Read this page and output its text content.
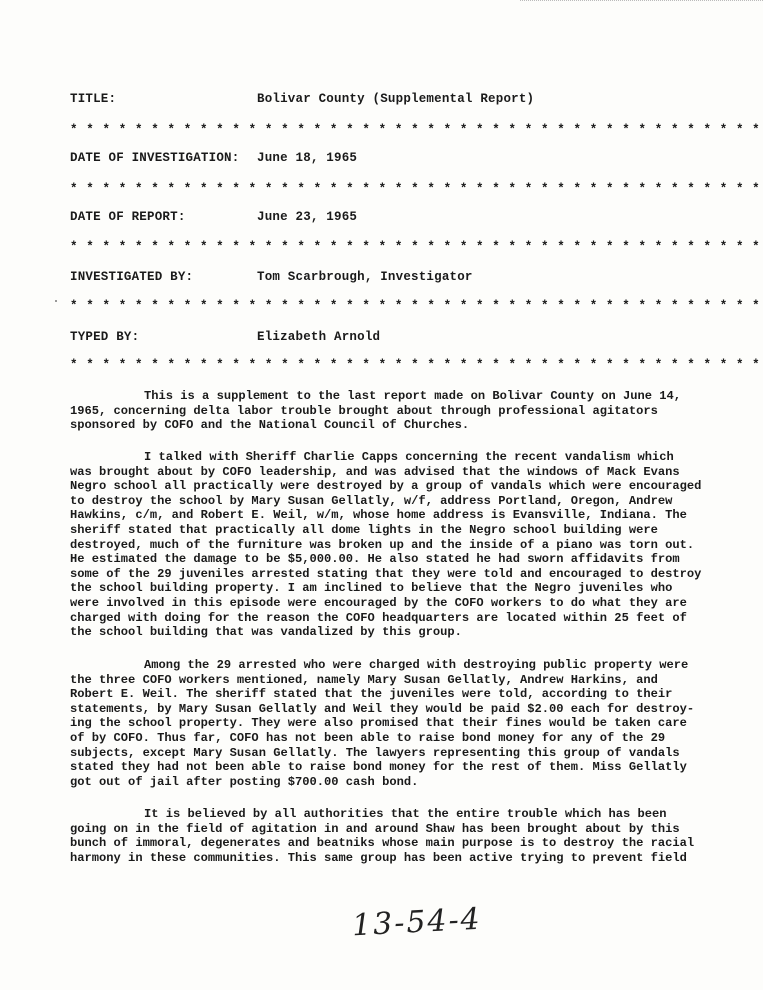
TITLE:	Bolivar County (Supplemental Report)
* * * * * * * * * * * * * * * * * * * * * * * * * * * * * * * * * * * * * * * * * * *
DATE OF INVESTIGATION: June 18, 1965
* * * * * * * * * * * * * * * * * * * * * * * * * * * * * * * * * * * * * * * * * * *
DATE OF REPORT:	June 23, 1965
* * * * * * * * * * * * * * * * * * * * * * * * * * * * * * * * * * * * * * * * * * *
INVESTIGATED BY:	Tom Scarbrough, Investigator
* * * * * * * * * * * * * * * * * * * * * * * * * * * * * * * * * * * * * * * * * * *
TYPED BY:	Elizabeth Arnold
* * * * * * * * * * * * * * * * * * * * * * * * * * * * * * * * * * * * * * * * * * *
This is a supplement to the last report made on Bolivar County on June 14,
1965, concerning delta labor trouble brought about through professional agitators
sponsored by COFO and the National Council of Churches.
I talked with Sheriff Charlie Capps concerning the recent vandalism which
was brought about by COFO leadership, and was advised that the windows of Mack Evans
Negro school all practically were destroyed by a group of vandals which were encouraged
to destroy the school by Mary Susan Gellatly, w/f, address Portland, Oregon, Andrew
Hawkins, c/m, and Robert E. Weil, w/m, whose home address is Evansville, Indiana. The
sheriff stated that practically all dome lights in the Negro school building were
destroyed, much of the furniture was broken up and the inside of a piano was torn out.
He estimated the damage to be $5,000.00. He also stated he had sworn affidavits from
some of the 29 juveniles arrested stating that they were told and encouraged to destroy
the school building property. I am inclined to believe that the Negro juveniles who
were involved in this episode were encouraged by the COFO workers to do what they are
charged with doing for the reason the COFO headquarters are located within 25 feet of
the school building that was vandalized by this group.
Among the 29 arrested who were charged with destroying public property were
the three COFO workers mentioned, namely Mary Susan Gellatly, Andrew Harkins, and
Robert E. Weil. The sheriff stated that the juveniles were told, according to their
statements, by Mary Susan Gellatly and Weil they would be paid $2.00 each for destroy-
ing the school property. They were also promised that their fines would be taken care
of by COFO. Thus far, COFO has not been able to raise bond money for any of the 29
subjects, except Mary Susan Gellatly. The lawyers representing this group of vandals
stated they had not been able to raise bond money for the rest of them. Miss Gellatly
got out of jail after posting $700.00 cash bond.
It is believed by all authorities that the entire trouble which has been
going on in the field of agitation in and around Shaw has been brought about by this
bunch of immoral, degenerates and beatniks whose main purpose is to destroy the racial
harmony in these communities. This same group has been active trying to prevent field
13-54-4
